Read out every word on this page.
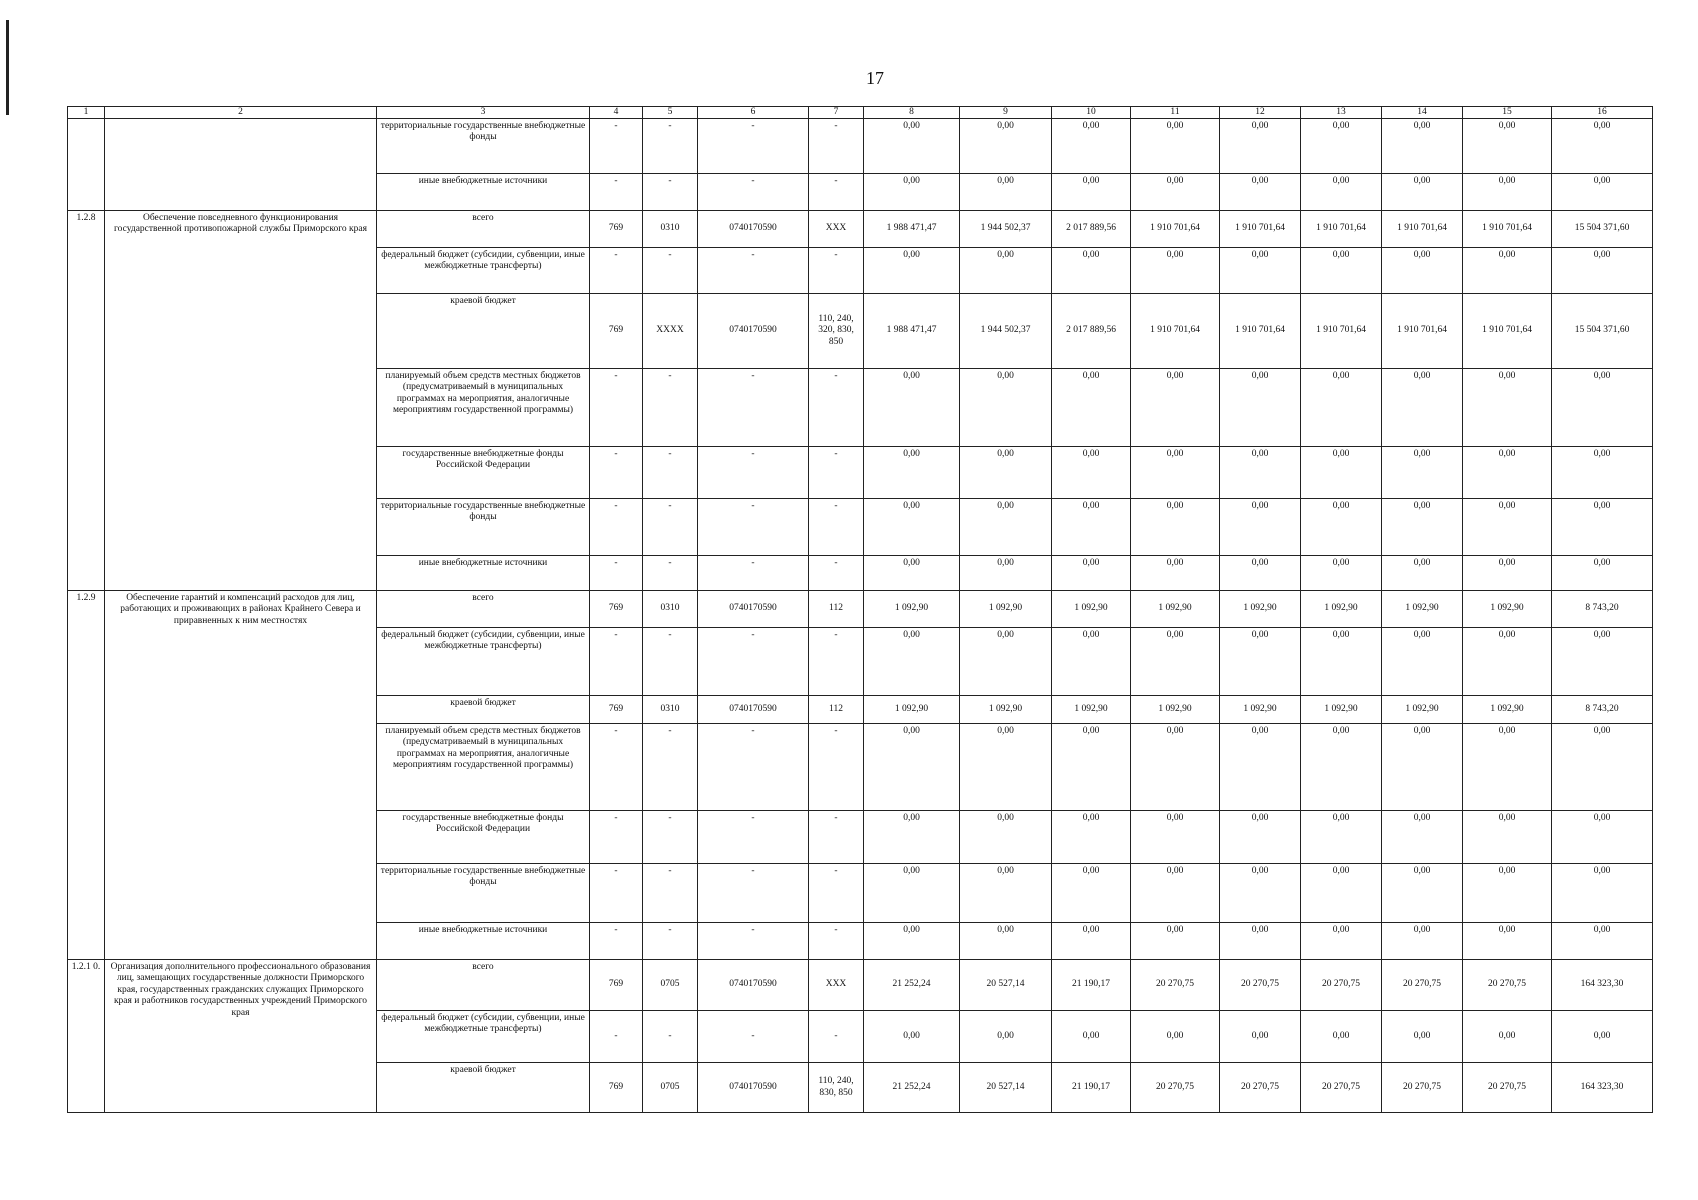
17
1	2	3	4	5	6	7	8	9	10	11	12	13	14	15	16
		территориальные государственные внебюджетные фонды	-	-	-	-	0,00	0,00	0,00	0,00	0,00	0,00	0,00	0,00	0,00
		иные внебюджетные источники	-	-	-	-	0,00	0,00	0,00	0,00	0,00	0,00	0,00	0,00	0,00
1.2.8	Обеспечение повседневного функционирования государственной противопожарной службы Приморского края	всего	769	0310	0740170590	XXX	1 988 471,47	1 944 502,37	2 017 889,56	1 910 701,64	1 910 701,64	1 910 701,64	1 910 701,64	1 910 701,64	15 504 371,60
		федеральный бюджет (субсидии, субвенции, иные межбюджетные трансферты)	-	-	-	-	0,00	0,00	0,00	0,00	0,00	0,00	0,00	0,00	0,00
		краевой бюджет	769	XXXX	0740170590	110, 240, 320, 830, 850	1 988 471,47	1 944 502,37	2 017 889,56	1 910 701,64	1 910 701,64	1 910 701,64	1 910 701,64	1 910 701,64	15 504 371,60
		планируемый объем средств местных бюджетов (предусматриваемый в муниципальных программах на мероприятия, аналогичные мероприятиям государственной программы)	-	-	-	-	0,00	0,00	0,00	0,00	0,00	0,00	0,00	0,00	0,00
		государственные внебюджетные фонды Российской Федерации	-	-	-	-	0,00	0,00	0,00	0,00	0,00	0,00	0,00	0,00	0,00
		территориальные государственные внебюджетные фонды	-	-	-	-	0,00	0,00	0,00	0,00	0,00	0,00	0,00	0,00	0,00
		иные внебюджетные источники	-	-	-	-	0,00	0,00	0,00	0,00	0,00	0,00	0,00	0,00	0,00
1.2.9	Обеспечение гарантий и компенсаций расходов для лиц, работающих и проживающих в районах Крайнего Севера и приравненных к ним местностях	всего	769	0310	0740170590	112	1 092,90	1 092,90	1 092,90	1 092,90	1 092,90	1 092,90	1 092,90	1 092,90	8 743,20
		федеральный бюджет (субсидии, субвенции, иные межбюджетные трансферты)	-	-	-	-	0,00	0,00	0,00	0,00	0,00	0,00	0,00	0,00	0,00
		краевой бюджет	769	0310	0740170590	112	1 092,90	1 092,90	1 092,90	1 092,90	1 092,90	1 092,90	1 092,90	1 092,90	8 743,20
		планируемый объем средств местных бюджетов (предусматриваемый в муниципальных программах на мероприятия, аналогичные мероприятиям государственной программы)	-	-	-	-	0,00	0,00	0,00	0,00	0,00	0,00	0,00	0,00	0,00
		государственные внебюджетные фонды Российской Федерации	-	-	-	-	0,00	0,00	0,00	0,00	0,00	0,00	0,00	0,00	0,00
		территориальные государственные внебюджетные фонды	-	-	-	-	0,00	0,00	0,00	0,00	0,00	0,00	0,00	0,00	0,00
		иные внебюджетные источники	-	-	-	-	0,00	0,00	0,00	0,00	0,00	0,00	0,00	0,00	0,00
1.2.1 0.	Организация дополнительного профессионального образования лиц, замещающих государственные должности Приморского края, государственных гражданских служащих Приморского края и работников государственных учреждений Приморского края	всего	769	0705	0740170590	XXX	21 252,24	20 527,14	21 190,17	20 270,75	20 270,75	20 270,75	20 270,75	20 270,75	164 323,30
		федеральный бюджет (субсидии, субвенции, иные межбюджетные трансферты)	-	-	-	-	0,00	0,00	0,00	0,00	0,00	0,00	0,00	0,00	0,00
		краевой бюджет	769	0705	0740170590	110, 240, 830, 850	21 252,24	20 527,14	21 190,17	20 270,75	20 270,75	20 270,75	20 270,75	20 270,75	164 323,30
